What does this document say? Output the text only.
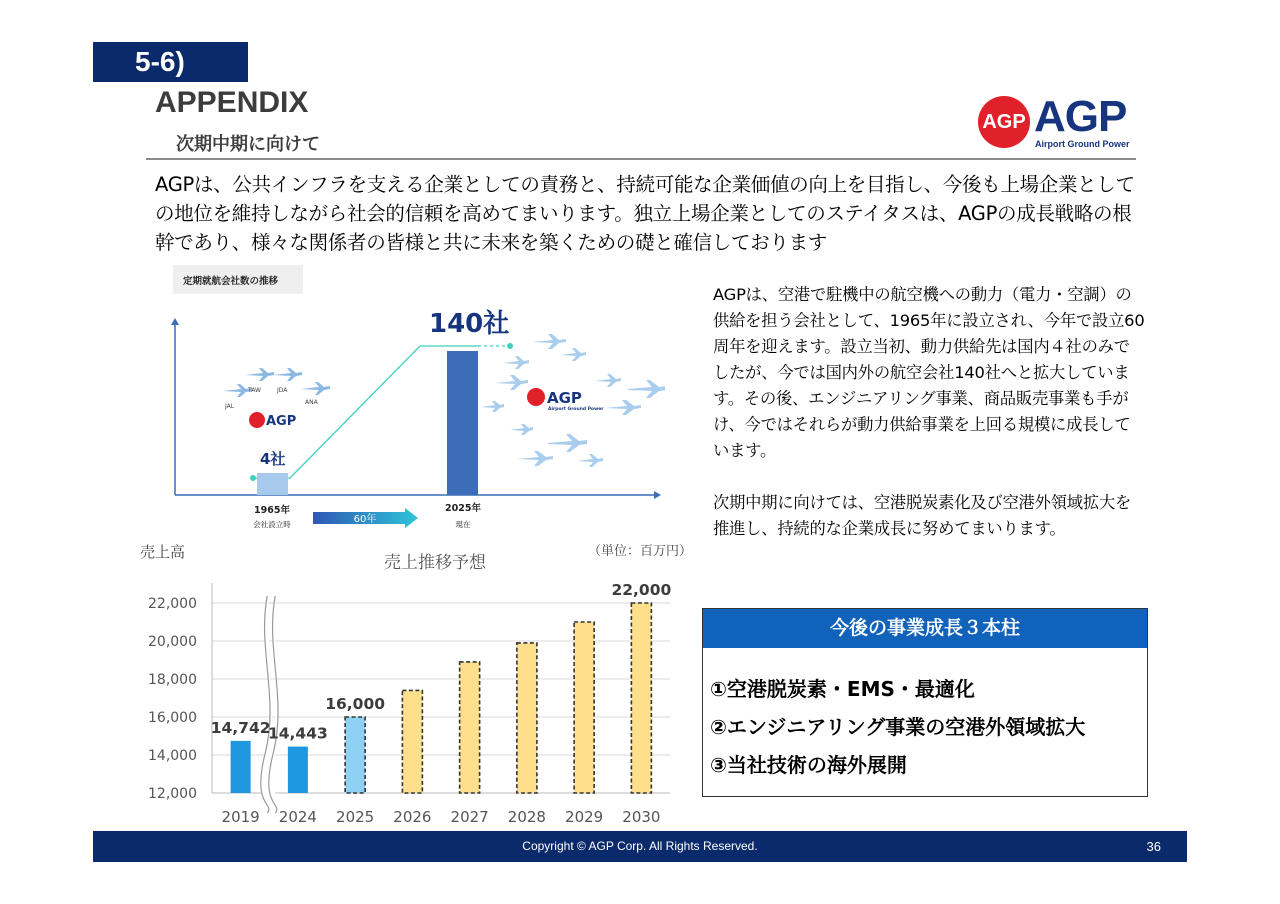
5-6)
APPENDIX
次期中期に向けて
AGP AGP
Airport Ground Power
AGPは、公共インフラを支える企業としての責務と、持続可能な企業価値の向上を目指し、今後も上場企業としての地位を維持しながら社会的信頼を高めてまいります。独立上場企業としてのステイタスは、AGPの成長戦略の根幹であり、様々な関係者の皆様と共に未来を築くための礎と確信しております
定期就航会社数の推移
4社
140社
JAL
TAW	JDA
ANA
AGP
AGP
Airport Ground Power
1965年
会社設立時
2025年
現在
60年

AGPは、空港で駐機中の航空機への動力（電力・空調）の供給を担う会社として、1965年に設立され、今年で設立60周年を迎えます。設立当初、動力供給先は国内４社のみでしたが、今では国内外の航空会社140社へと拡大しています。その後、エンジニアリング事業、商品販売事業も手がけ、今ではそれらが動力供給事業を上回る規模に成長しています。

次期中期に向けては、空港脱炭素化及び空港外領域拡大を推進し、持続的な企業成長に努めてまいります。

今後の事業成長３本柱
①空港脱炭素・EMS・最適化
②エンジニアリング事業の空港外領域拡大
③当社技術の海外展開
売上高
売上推移予想
（単位：百万円）
12,000
14,000
16,000
18,000
20,000
22,000
14,742
14,443
16,000
22,000
2019 2024 2025 2026 2027 2028 2029 2030
Copyright © AGP Corp. All Rights Reserved.	36
